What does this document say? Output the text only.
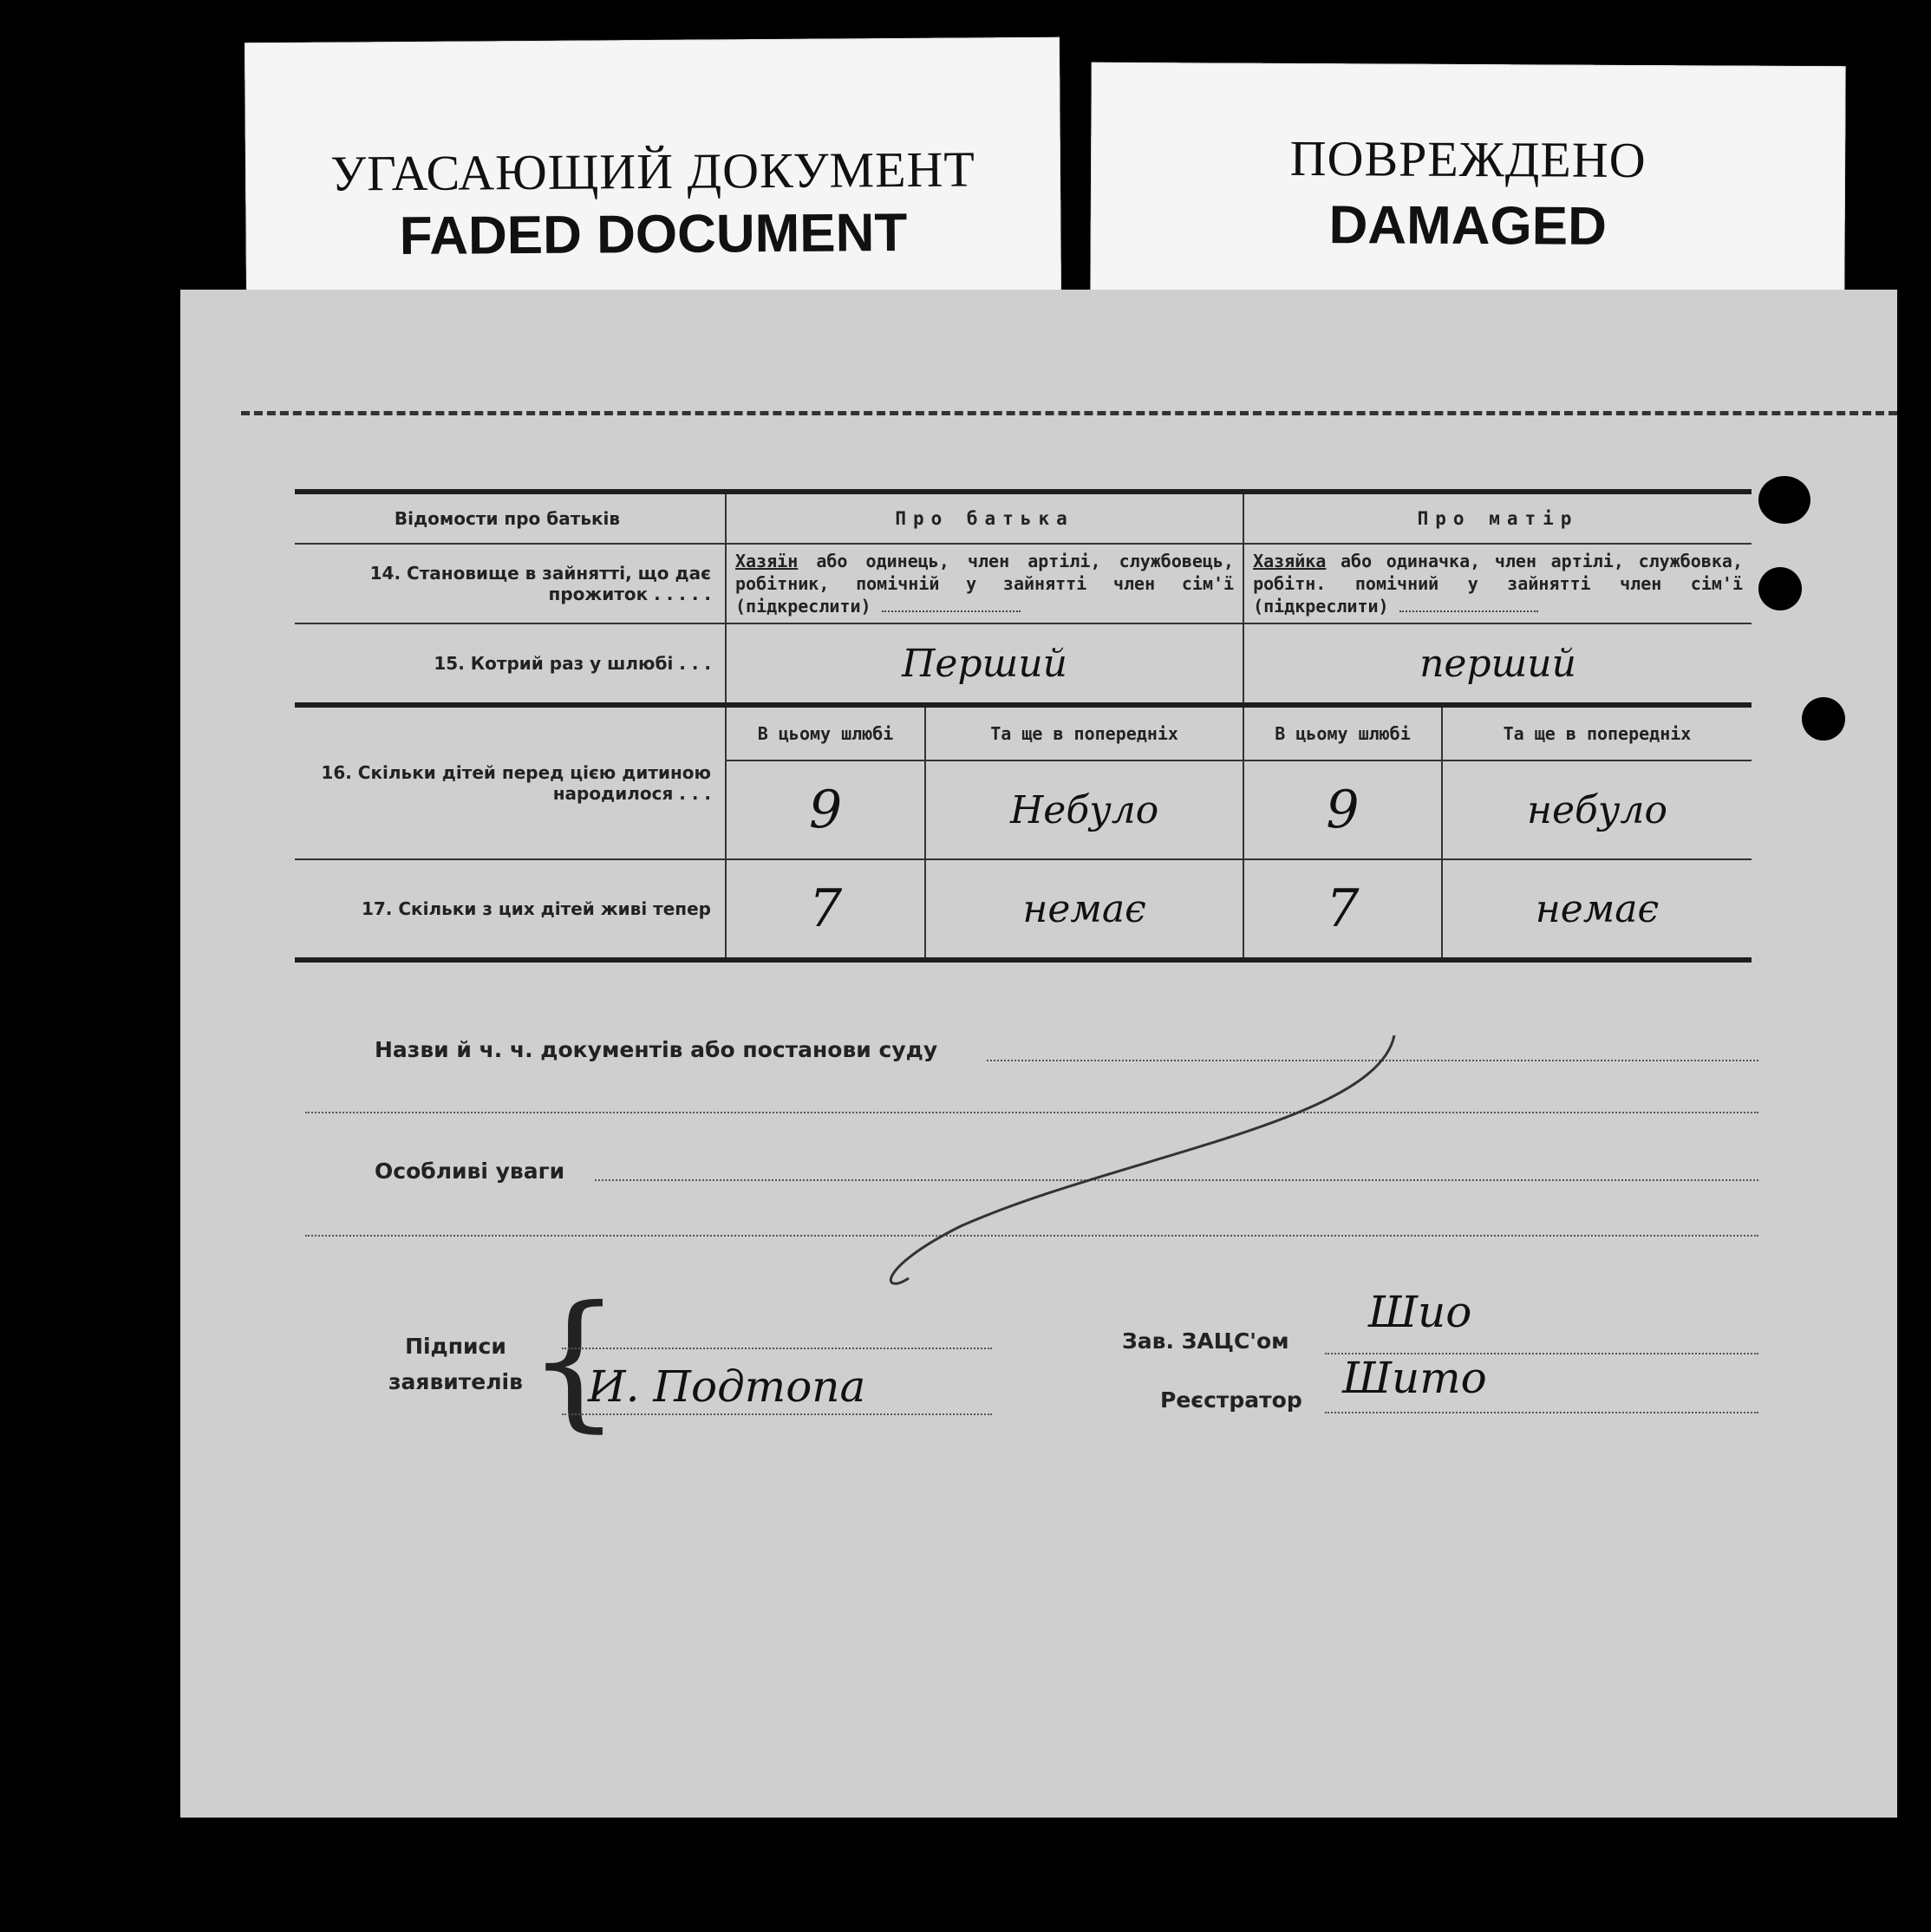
УГАСАЮЩИЙ ДОКУМЕНТ
FADED DOCUMENT
ПОВРЕЖДЕНО
DAMAGED
Відомости про батьків	Про батька		Про матір	
14. Становище в зайнятті, що дає прожиток . . . . .	Хазяїн або одинець, член артілі, службовець, робітник, помічній у зайнятті член сім'ї (підкреслити)		Хазяйка або одиначка, член артілі, службовка, робітн. помічний у зайнятті член сім'ї (підкреслити)	
15. Котрий раз у шлюбі . . .	Перший		перший	
16. Скільки дітей перед цією дитиною народилося . . .	В цьому шлюбі	Та ще в попередніх	В цьому шлюбі	Та ще в попередніх
	9	Небуло	9	небуло
17. Скільки з цих дітей живі тепер	7	немає	7	немає
Назви й ч. ч. документів або постанови суду
Особливі уваги
Підписи
заявителів {
И. Подтопа
Зав. ЗАЦС'ом
Шио
Реєстратор Шито
